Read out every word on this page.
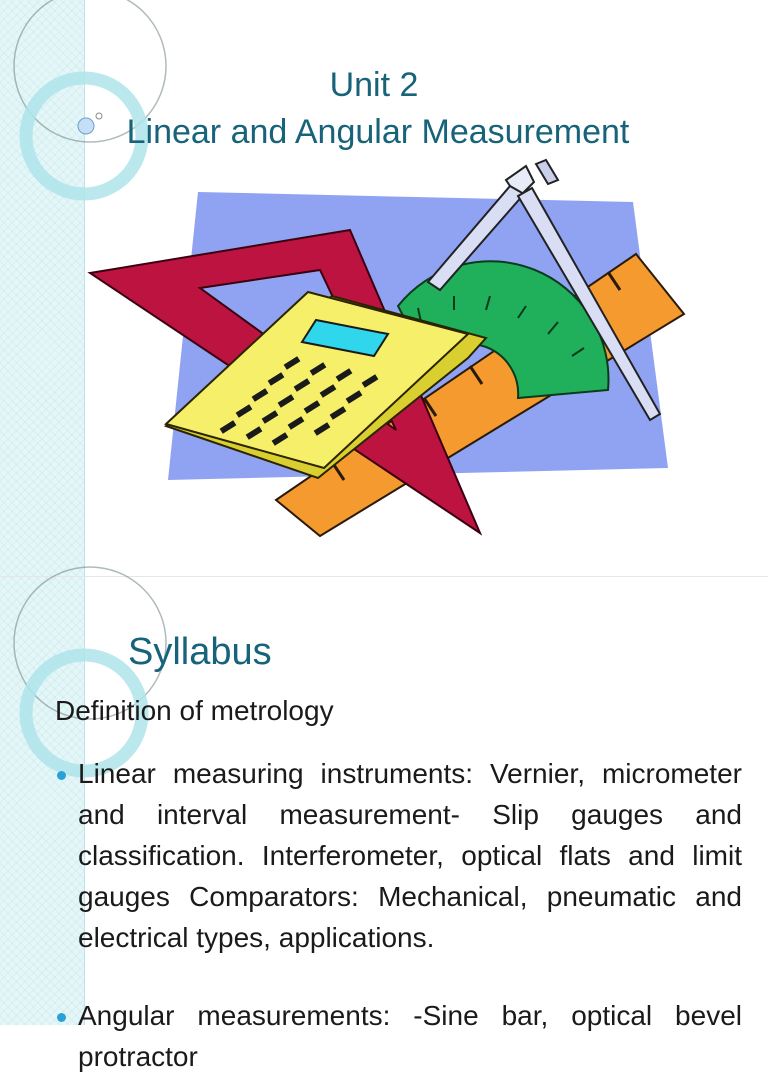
Unit 2
Linear and Angular Measurement
Syllabus
Definition of metrology
Linear measuring instruments: Vernier, micrometer and interval measurement- Slip gauges and classification. Interferometer, optical flats and limit gauges Comparators: Mechanical, pneumatic and electrical types, applications.
Angular measurements: -Sine bar, optical bevel protractor
